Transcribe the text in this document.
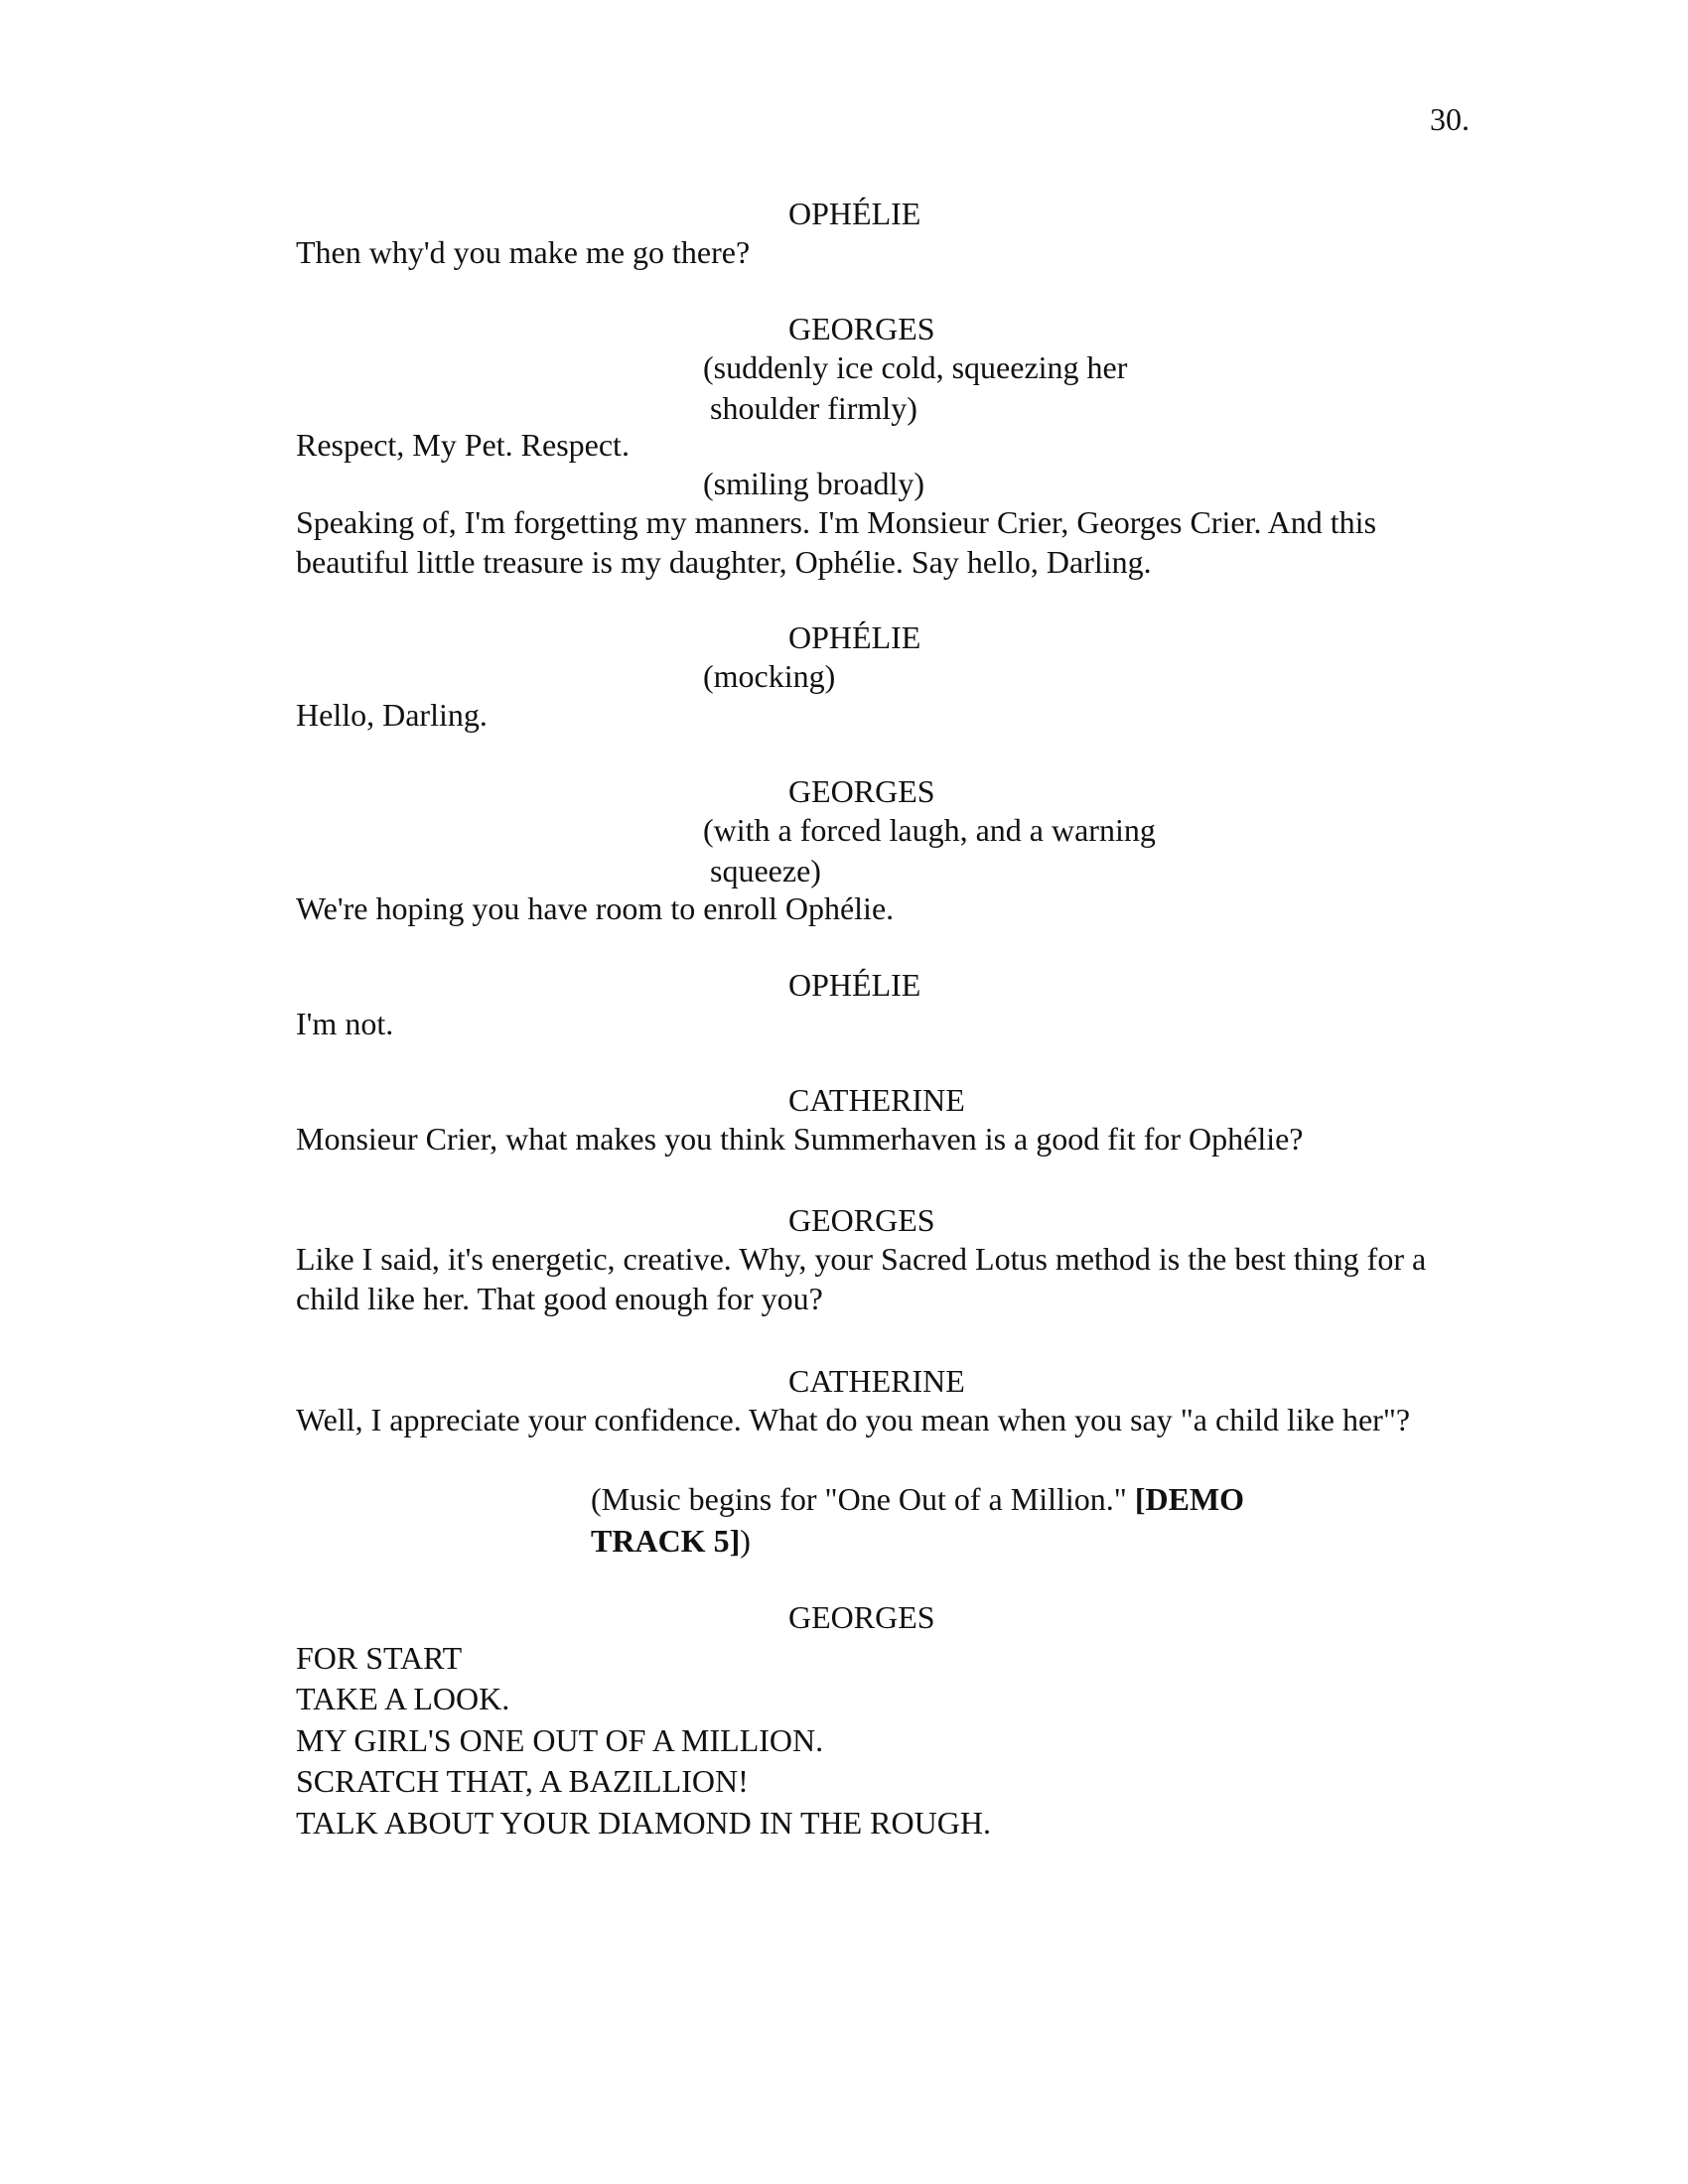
30.
OPHÉLIE
Then why'd you make me go there?
GEORGES
(suddenly ice cold, squeezing her
shoulder firmly)
Respect, My Pet. Respect.
(smiling broadly)
Speaking of, I'm forgetting my manners. I'm Monsieur Crier, Georges Crier. And this
beautiful little treasure is my daughter, Ophélie. Say hello, Darling.
OPHÉLIE
(mocking)
Hello, Darling.
GEORGES
(with a forced laugh, and a warning
squeeze)
We're hoping you have room to enroll Ophélie.
OPHÉLIE
I'm not.
CATHERINE
Monsieur Crier, what makes you think Summerhaven is a good fit for Ophélie?
GEORGES
Like I said, it's energetic, creative. Why, your Sacred Lotus method is the best thing for a
child like her. That good enough for you?
CATHERINE
Well, I appreciate your confidence. What do you mean when you say "a child like her"?
(Music begins for "One Out of a Million." [DEMO
TRACK 5])
GEORGES
FOR START
TAKE A LOOK.
MY GIRL'S ONE OUT OF A MILLION.
SCRATCH THAT, A BAZILLION!
TALK ABOUT YOUR DIAMOND IN THE ROUGH.
